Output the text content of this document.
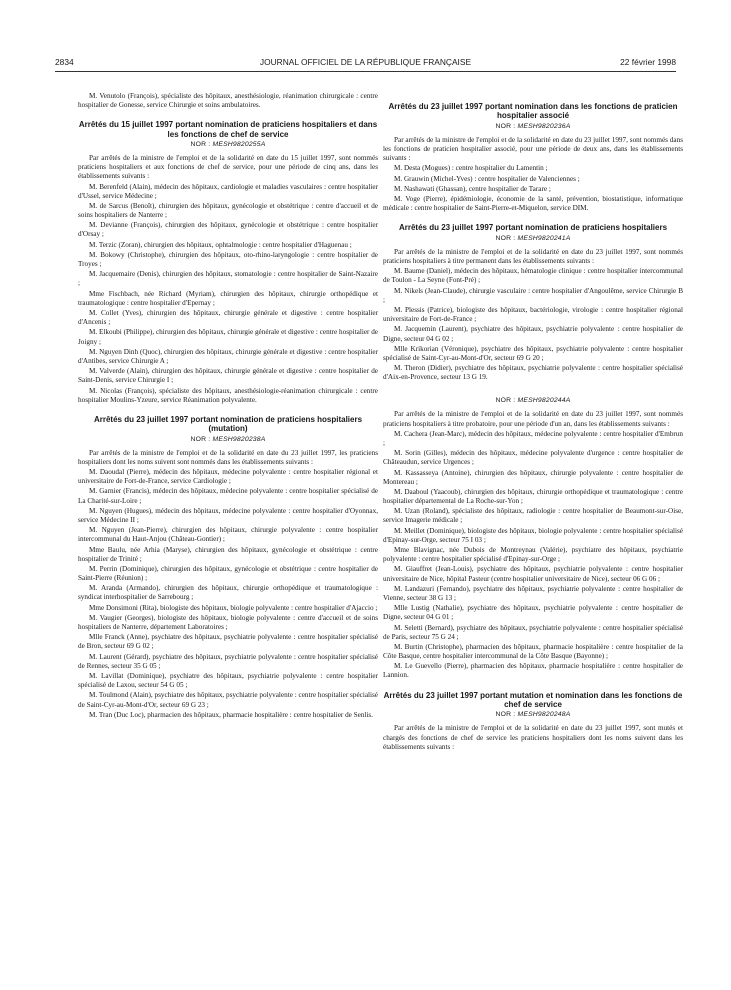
2834	JOURNAL OFFICIEL DE LA RÉPUBLIQUE FRANÇAISE	22 février 1998

M. Venutolo (François), spécialiste des hôpitaux, anesthésiologie, réanimation chirurgicale : centre hospitalier de Gonesse, service Chirurgie et soins ambulatoires.

Arrêtés du 15 juillet 1997 portant nomination de praticiens hospitaliers et dans les fonctions de chef de service
NOR : MESH9820255A

Par arrêtés de la ministre de l'emploi et de la solidarité en date du 15 juillet 1997, sont nommés praticiens hospitaliers et aux fonctions de chef de service, pour une période de cinq ans, dans les établissements suivants :

M. Berenfeld (Alain), médecin des hôpitaux, cardiologie et maladies vasculaires : centre hospitalier d'Ussel, service Médecine ;

M. de Sarcus (Benoît), chirurgien des hôpitaux, gynécologie et obstétrique : centre d'accueil et de soins hospitaliers de Nanterre ;

M. Devianne (François), chirurgien des hôpitaux, gynécologie et obstétrique : centre hospitalier d'Orsay ;

M. Terzic (Zoran), chirurgien des hôpitaux, ophtalmologie : centre hospitalier d'Haguenau ;

M. Bokowy (Christophe), chirurgien des hôpitaux, oto-rhino-laryngologie : centre hospitalier de Troyes ;

M. Jacquemaire (Denis), chirurgien des hôpitaux, stomatologie : centre hospitalier de Saint-Nazaire ;

Mme Fischbach, née Richard (Myriam), chirurgien des hôpitaux, chirurgie orthopédique et traumatologique : centre hospitalier d'Epernay ;

M. Collet (Yves), chirurgien des hôpitaux, chirurgie générale et digestive : centre hospitalier d'Ancenis ;

M. Elkoubi (Philippe), chirurgien des hôpitaux, chirurgie générale et digestive : centre hospitalier de Joigny ;

M. Nguyen Dinh (Quoc), chirurgien des hôpitaux, chirurgie générale et digestive : centre hospitalier d'Antibes, service Chirurgie A ;

M. Valverde (Alain), chirurgien des hôpitaux, chirurgie générale et digestive : centre hospitalier de Saint-Denis, service Chirurgie I ;

M. Nicolas (François), spécialiste des hôpitaux, anesthésiologie-réanimation chirurgicale : centre hospitalier Moulins-Yzeure, service Réanimation polyvalente.

Arrêtés du 23 juillet 1997 portant nomination de praticiens hospitaliers (mutation)
NOR : MESH9820238A

Par arrêtés de la ministre de l'emploi et de la solidarité en date du 23 juillet 1997, les praticiens hospitaliers dont les noms suivent sont nommés dans les établissements suivants :

M. Daoudal (Pierre), médecin des hôpitaux, médecine polyvalente : centre hospitalier régional et universitaire de Fort-de-France, service Cardiologie ;

M. Garnier (Francis), médecin des hôpitaux, médecine polyvalente : centre hospitalier spécialisé de La Charité-sur-Loire ;

M. Nguyen (Hugues), médecin des hôpitaux, médecine polyvalente : centre hospitalier d'Oyonnax, service Médecine II ;

M. Nguyen (Jean-Pierre), chirurgien des hôpitaux, chirurgie polyvalente : centre hospitalier intercommunal du Haut-Anjou (Château-Gontier) ;

Mme Baulu, née Arhia (Maryse), chirurgien des hôpitaux, gynécologie et obstétrique : centre hospitalier de Trinité ;

M. Perrin (Dominique), chirurgien des hôpitaux, gynécologie et obstétrique : centre hospitalier de Saint-Pierre (Réunion) ;

M. Aranda (Armando), chirurgien des hôpitaux, chirurgie orthopédique et traumatologique : syndicat interhospitalier de Sarrebourg ;

Mme Donsimoni (Rita), biologiste des hôpitaux, biologie polyvalente : centre hospitalier d'Ajaccio ;

M. Vaugier (Georges), biologiste des hôpitaux, biologie polyvalente : centre d'accueil et de soins hospitaliers de Nanterre, département Laboratoires ;

Mlle Franck (Anne), psychiatre des hôpitaux, psychiatrie polyvalente : centre hospitalier spécialisé de Bron, secteur 69 G 02 ;

M. Laurent (Gérard), psychiatre des hôpitaux, psychiatrie polyvalente : centre hospitalier spécialisé de Rennes, secteur 35 G 05 ;

M. Lavillat (Dominique), psychiatre des hôpitaux, psychiatrie polyvalente : centre hospitalier spécialisé de Laxou, secteur 54 G 05 ;

M. Toulmond (Alain), psychiatre des hôpitaux, psychiatrie polyvalente : centre hospitalier spécialisé de Saint-Cyr-au-Mont-d'Or, secteur 69 G 23 ;

M. Tran (Duc Loc), pharmacien des hôpitaux, pharmacie hospitalière : centre hospitalier de Senlis.

Arrêtés du 23 juillet 1997 portant nomination dans les fonctions de praticien hospitalier associé
NOR : MESH9820236A

Par arrêtés de la ministre de l'emploi et de la solidarité en date du 23 juillet 1997, sont nommés dans les fonctions de praticien hospitalier associé, pour une période de deux ans, dans les établissements suivants :

M. Desta (Mogues) : centre hospitalier du Lamentin ;

M. Grauwin (Michel-Yves) : centre hospitalier de Valenciennes ;

M. Nashawati (Ghassan), centre hospitalier de Tarare ;

M. Voge (Pierre), épidémiologie, économie de la santé, prévention, biostatistique, informatique médicale : centre hospitalier de Saint-Pierre-et-Miquelon, service DIM.

Arrêtés du 23 juillet 1997 portant nomination de praticiens hospitaliers
NOR : MESH9820241A

Par arrêtés de la ministre de l'emploi et de la solidarité en date du 23 juillet 1997, sont nommés praticiens hospitaliers à titre permanent dans les établissements suivants :

M. Baume (Daniel), médecin des hôpitaux, hématologie clinique : centre hospitalier intercommunal de Toulon - La Seyne (Font-Pré) ;

M. Nikels (Jean-Claude), chirurgie vasculaire : centre hospitalier d'Angoulême, service Chirurgie B ;

M. Plessis (Patrice), biologiste des hôpitaux, bactériologie, virologie : centre hospitalier régional universitaire de Fort-de-France ;

M. Jacquemin (Laurent), psychiatre des hôpitaux, psychiatrie polyvalente : centre hospitalier de Digne, secteur 04 G 02 ;

Mlle Krikorian (Véronique), psychiatre des hôpitaux, psychiatrie polyvalente : centre hospitalier spécialisé de Saint-Cyr-au-Mont-d'Or, secteur 69 G 20 ;

M. Theron (Didier), psychiatre des hôpitaux, psychiatrie polyvalente : centre hospitalier spécialisé d'Aix-en-Provence, secteur 13 G 19.

NOR : MESH9820244A

Par arrêtés de la ministre de l'emploi et de la solidarité en date du 23 juillet 1997, sont nommés praticiens hospitaliers à titre probatoire, pour une période d'un an, dans les établissements suivants :

M. Cachera (Jean-Marc), médecin des hôpitaux, médecine polyvalente : centre hospitalier d'Embrun ;

M. Sorin (Gilles), médecin des hôpitaux, médecine polyvalente d'urgence : centre hospitalier de Châteaudun, service Urgences ;

M. Kassasseya (Antoine), chirurgien des hôpitaux, chirurgie polyvalente : centre hospitalier de Montereau ;

M. Daaboul (Yaacoub), chirurgien des hôpitaux, chirurgie orthopédique et traumatologique : centre hospitalier départemental de La Roche-sur-Yon ;

M. Uzan (Roland), spécialiste des hôpitaux, radiologie : centre hospitalier de Beaumont-sur-Oise, service Imagerie médicale ;

M. Meillet (Dominique), biologiste des hôpitaux, biologie polyvalente : centre hospitalier spécialisé d'Epinay-sur-Orge, secteur 75 I 03 ;

Mme Blavignac, née Dubois de Montreynau (Valérie), psychiatre des hôpitaux, psychiatrie polyvalente : centre hospitalier spécialisé d'Epinay-sur-Orge ;

M. Giauffret (Jean-Louis), psychiatre des hôpitaux, psychiatrie polyvalente : centre hospitalier universitaire de Nice, hôpital Pasteur (centre hospitalier universitaire de Nice), secteur 06 G 06 ;

M. Landazuri (Fernando), psychiatre des hôpitaux, psychiatrie polyvalente : centre hospitalier de Vienne, secteur 38 G 13 ;

Mlle Lustig (Nathalie), psychiatre des hôpitaux, psychiatrie polyvalente : centre hospitalier de Digne, secteur 04 G 01 ;

M. Seletti (Bernard), psychiatre des hôpitaux, psychiatrie polyvalente : centre hospitalier spécialisé de Paris, secteur 75 G 24 ;

M. Burtin (Christophe), pharmacien des hôpitaux, pharmacie hospitalière : centre hospitalier de la Côte Basque, centre hospitalier intercommunal de la Côte Basque (Bayonne) ;

M. Le Guevello (Pierre), pharmacien des hôpitaux, pharmacie hospitalière : centre hospitalier de Lannion.

Arrêtés du 23 juillet 1997 portant mutation et nomination dans les fonctions de chef de service
NOR : MESH9820248A

Par arrêtés de la ministre de l'emploi et de la solidarité en date du 23 juillet 1997, sont mutés et chargés des fonctions de chef de service les praticiens hospitaliers dont les noms suivent dans les établissements suivants :
